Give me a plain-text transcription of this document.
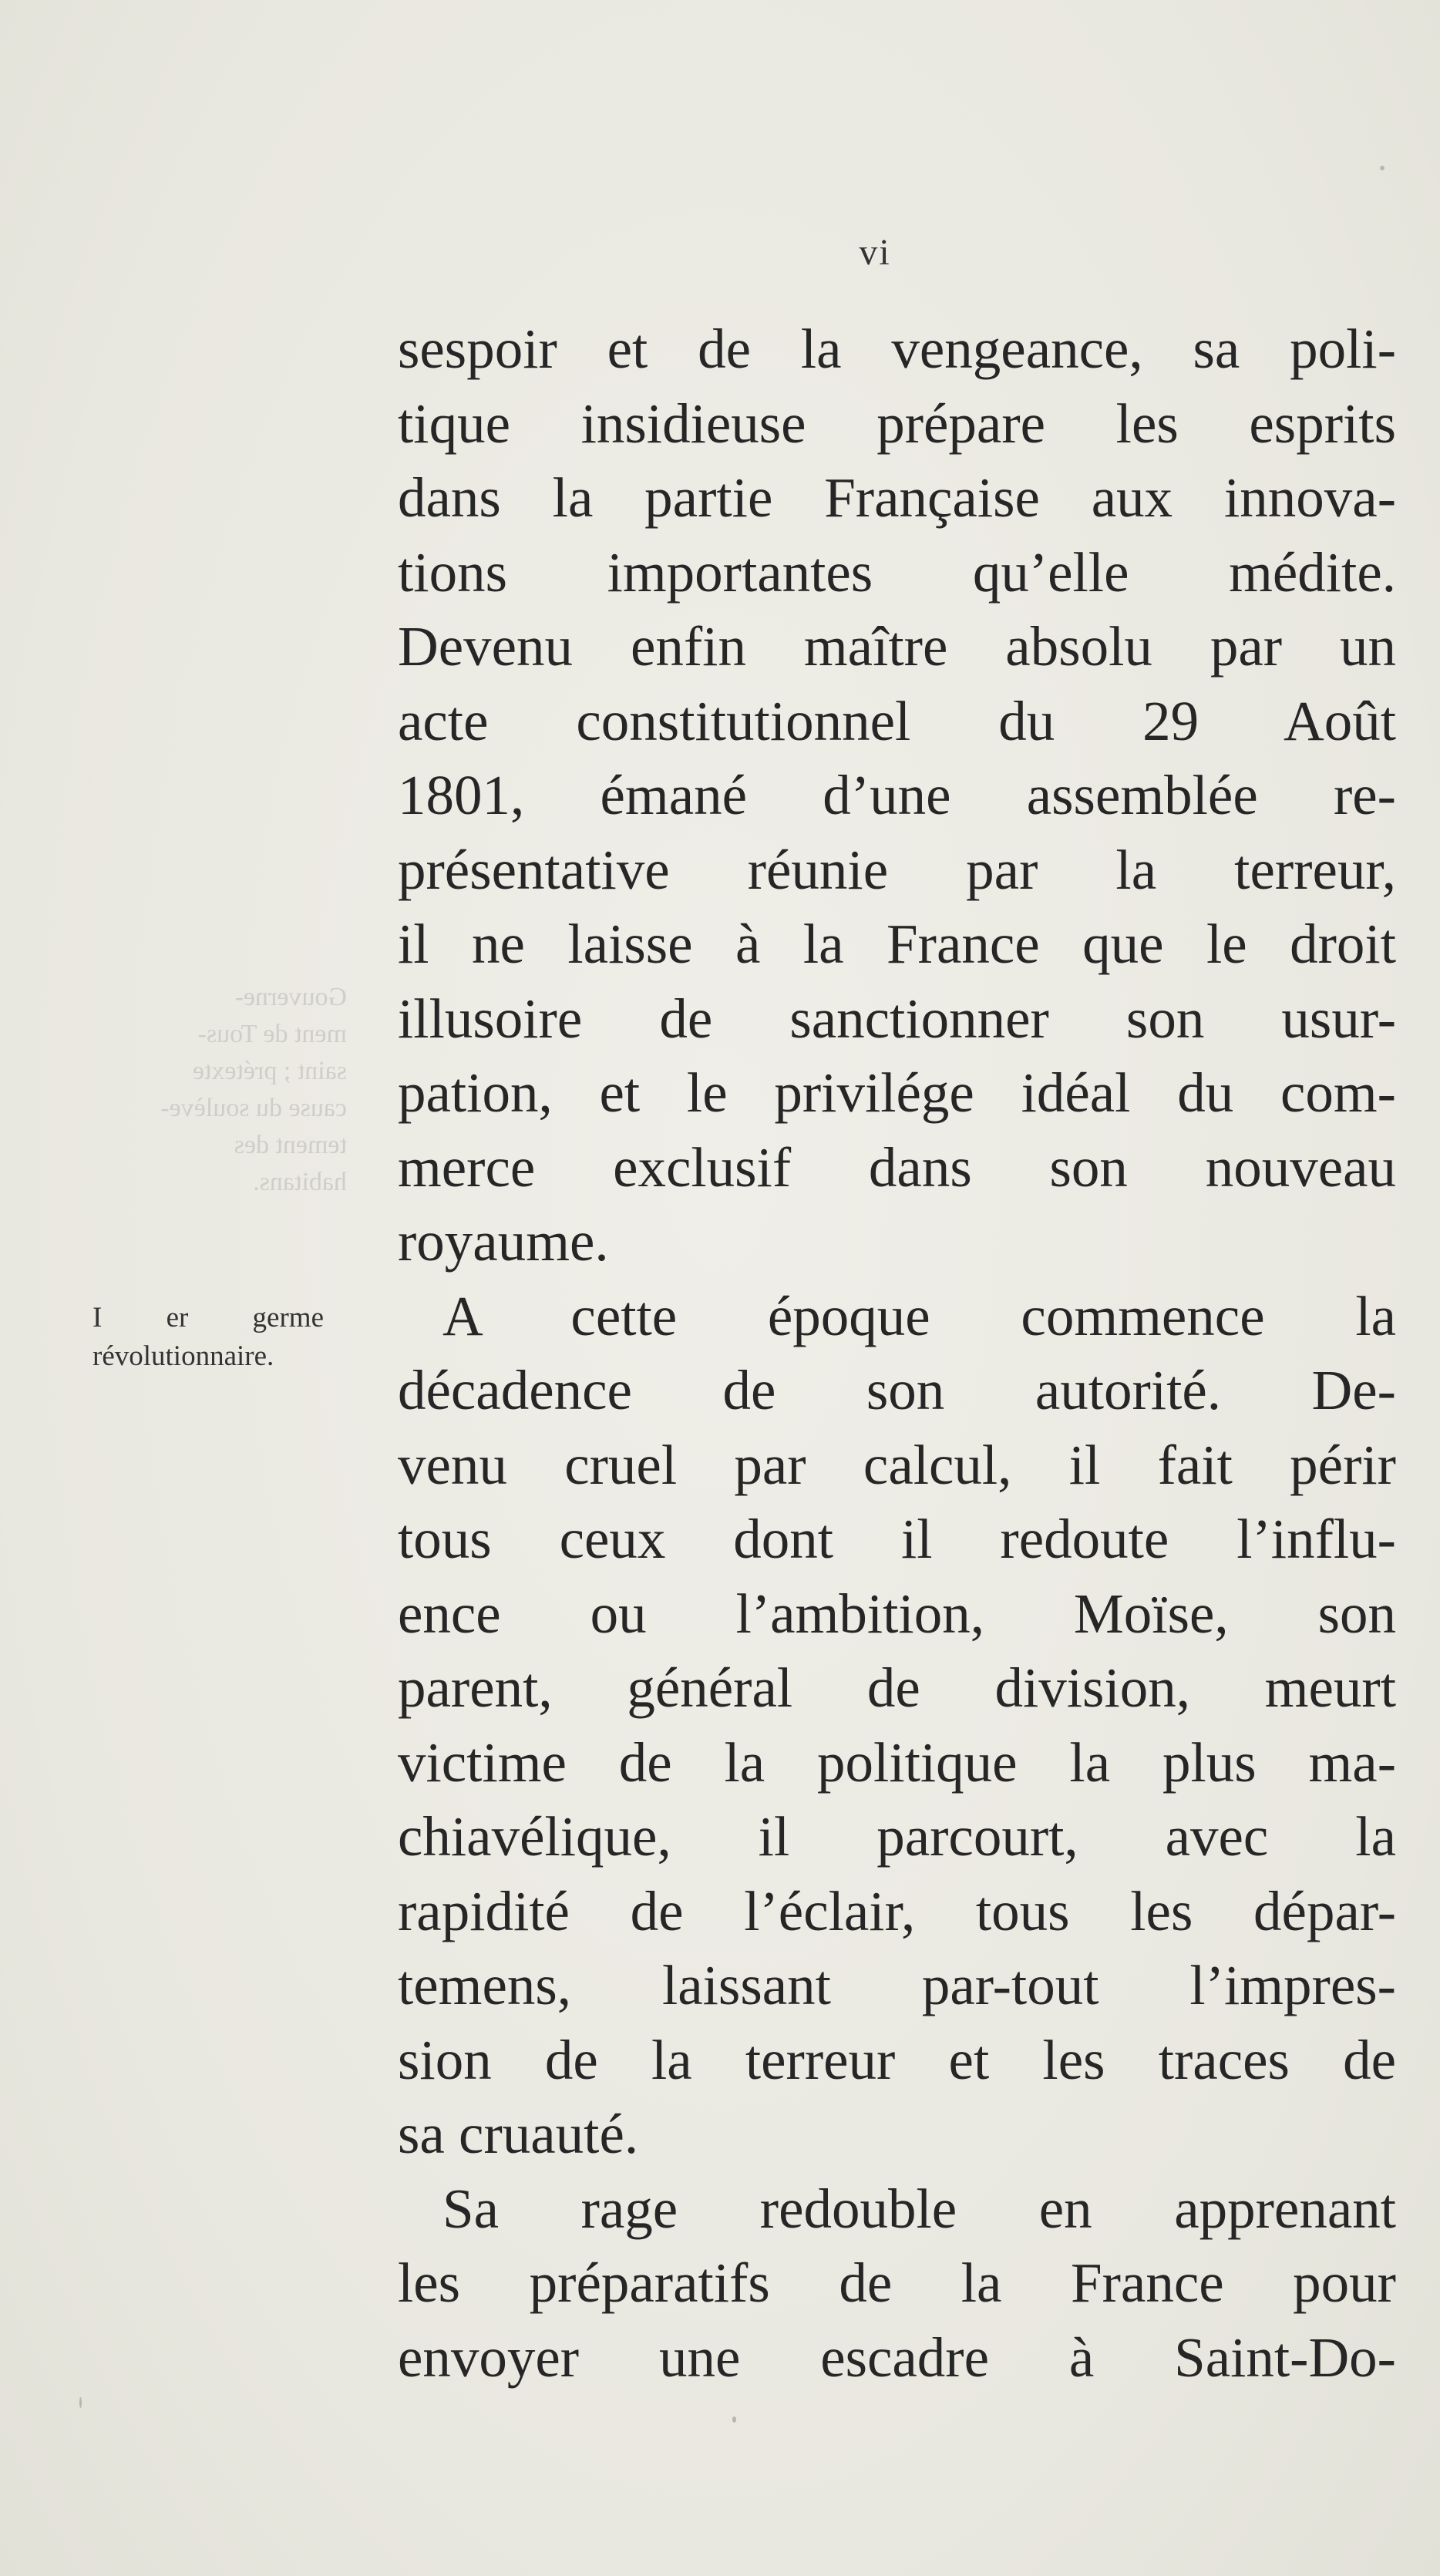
vi
Gouverne-
ment de Tous-
saint ; prétexte
cause du soulève-
tement des
habitans.
I er germe
révolutionnaire.

sespoir et de la vengeance, sa poli-
tique insidieuse prépare les esprits
dans la partie Française aux innova-
tions importantes qu’elle médite.
Devenu enfin maître absolu par un
acte constitutionnel du 29 Août
1801, émané d’une assemblée re-
présentative réunie par la terreur,
il ne laisse à la France que le droit
illusoire de sanctionner son usur-
pation, et le privilége idéal du com-
merce exclusif dans son nouveau
royaume.

A cette époque commence la
décadence de son autorité. De-
venu cruel par calcul, il fait périr
tous ceux dont il redoute l’influ-
ence ou l’ambition, Moïse, son
parent, général de division, meurt
victime de la politique la plus ma-
chiavélique, il parcourt, avec la
rapidité de l’éclair, tous les dépar-
temens, laissant par-tout l’impres-
sion de la terreur et les traces de
sa cruauté.

Sa rage redouble en apprenant
les préparatifs de la France pour
envoyer une escadre à Saint-Do-
